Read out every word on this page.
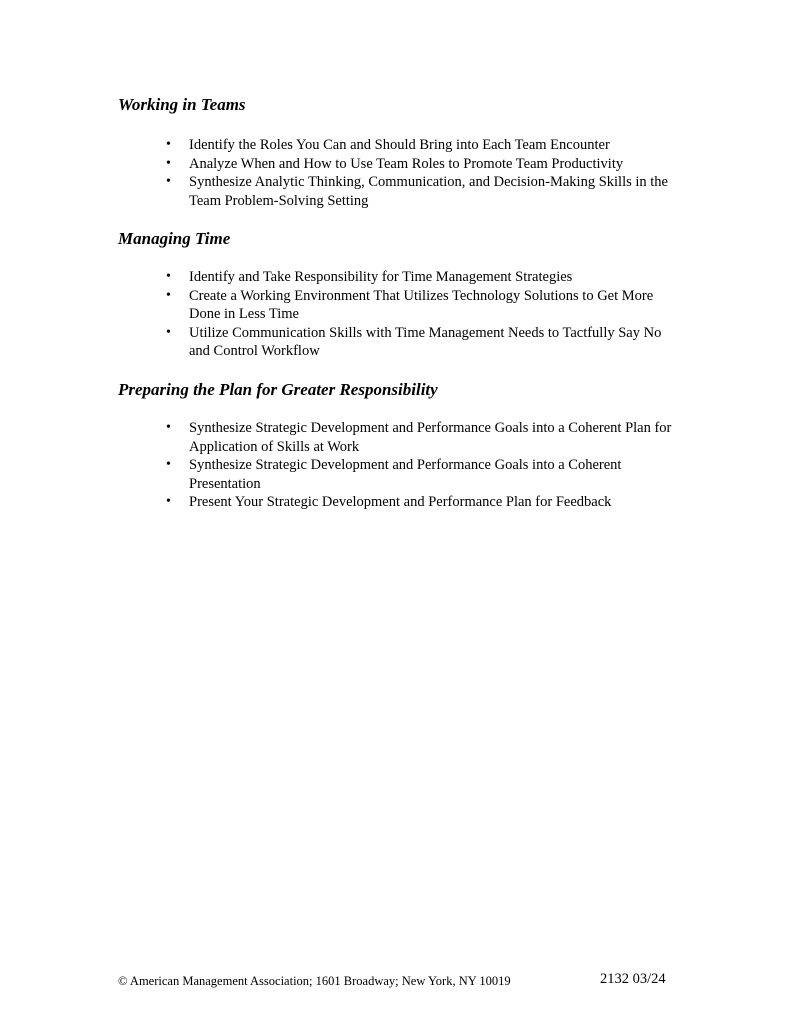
Working in Teams
• Identify the Roles You Can and Should Bring into Each Team Encounter
• Analyze When and How to Use Team Roles to Promote Team Productivity
• Synthesize Analytic Thinking, Communication, and Decision-Making Skills in the Team Problem-Solving Setting
Managing Time
• Identify and Take Responsibility for Time Management Strategies
• Create a Working Environment That Utilizes Technology Solutions to Get More Done in Less Time
• Utilize Communication Skills with Time Management Needs to Tactfully Say No and Control Workflow
Preparing the Plan for Greater Responsibility
• Synthesize Strategic Development and Performance Goals into a Coherent Plan for Application of Skills at Work
• Synthesize Strategic Development and Performance Goals into a Coherent Presentation
• Present Your Strategic Development and Performance Plan for Feedback
© American Management Association; 1601 Broadway; New York, NY 10019	2132 03/24
